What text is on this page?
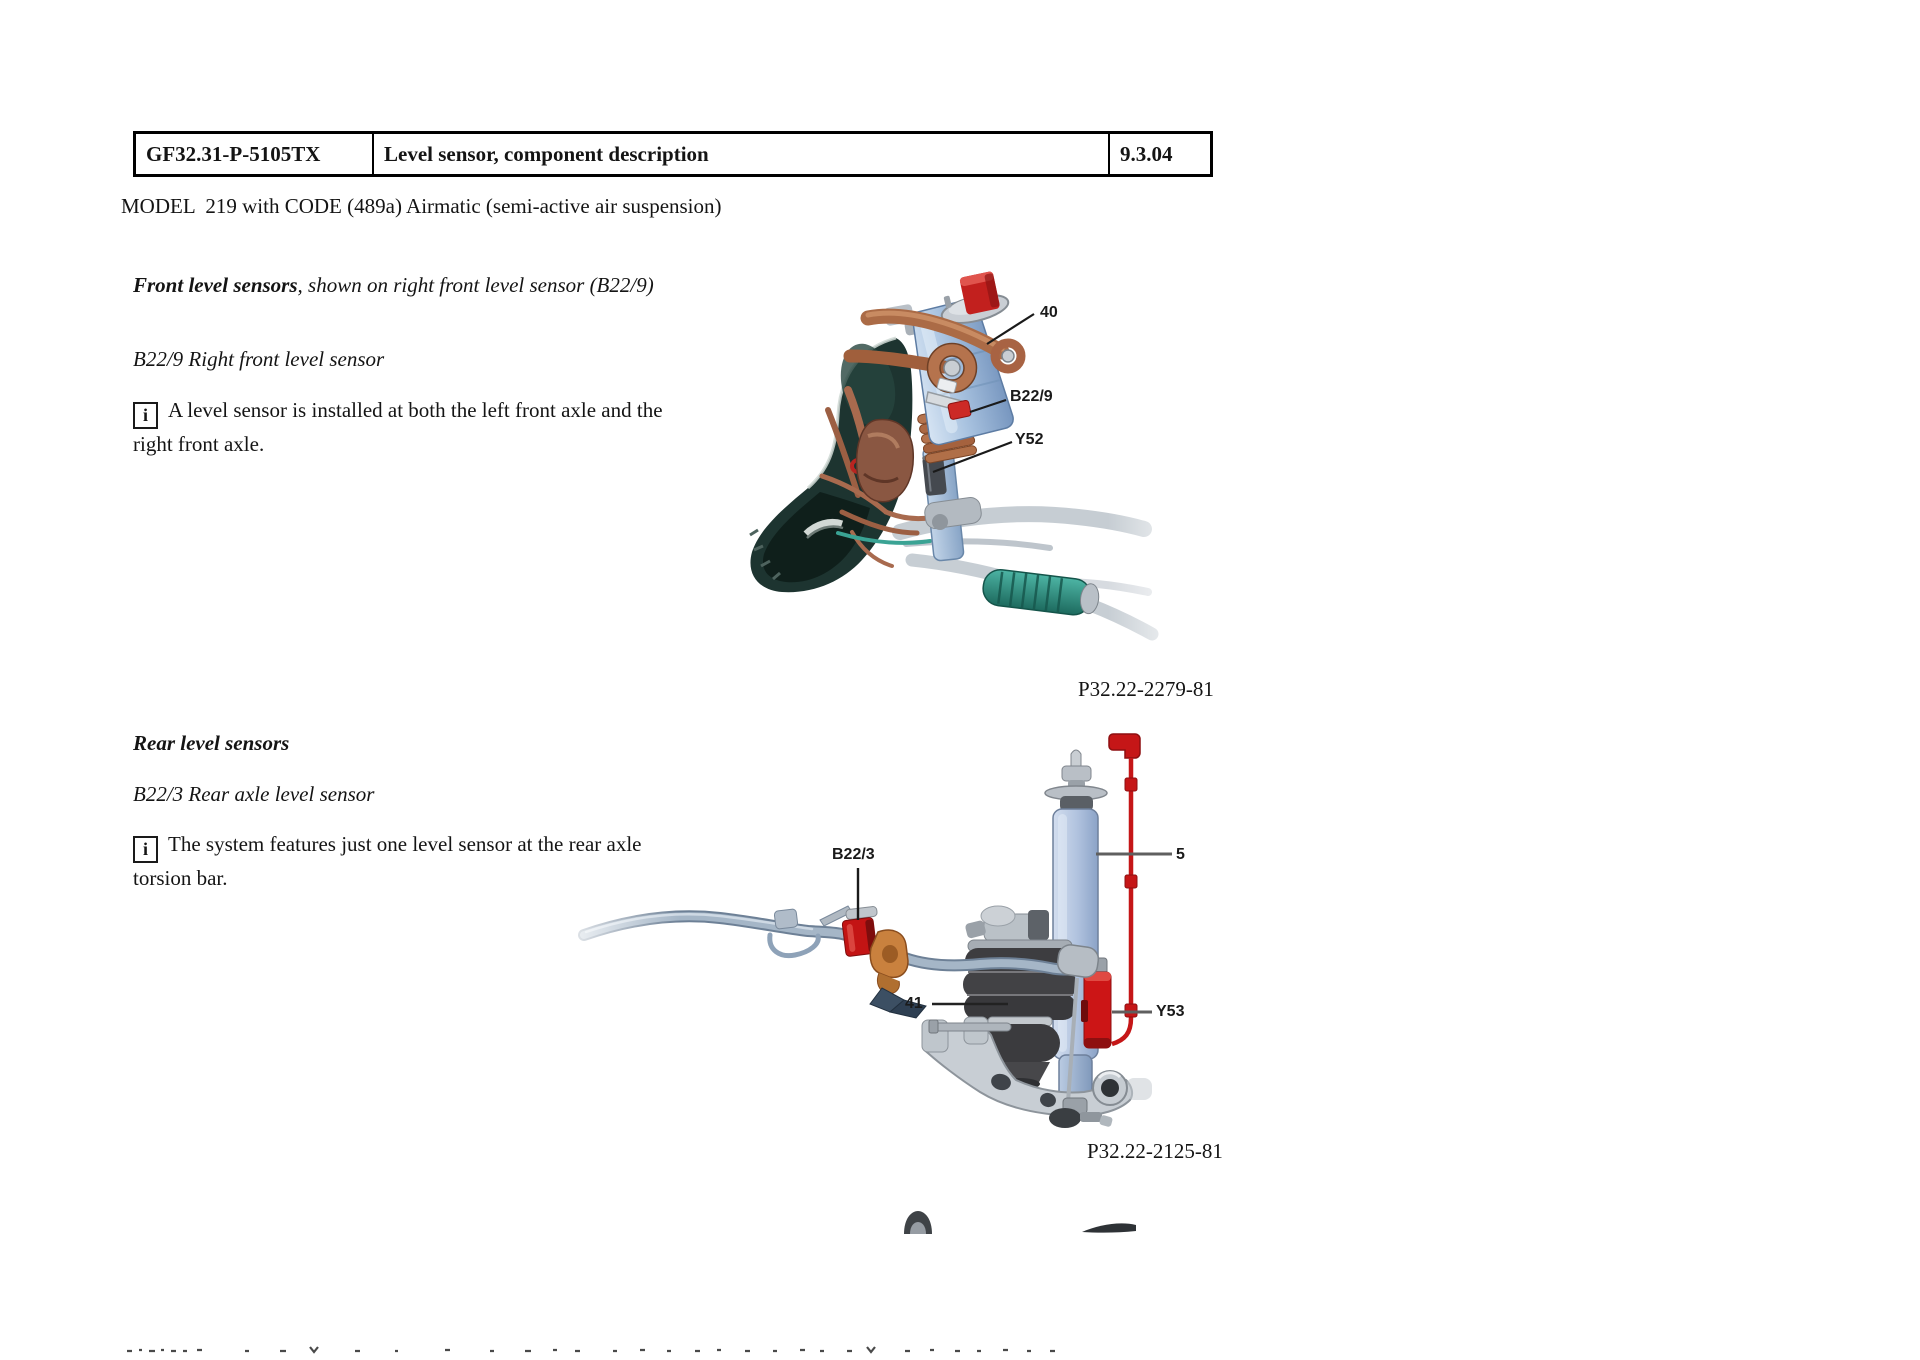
GF32.31-P-5105TX	Level sensor, component description	9.3.04
MODEL  219 with CODE (489a) Airmatic (semi-active air suspension)
Front level sensors, shown on right front level sensor (B22/9)
B22/9 Right front level sensor
i A level sensor is installed at both the left front axle and the right front axle.
40
B22/9
Y52
P32.22-2279-81
Rear level sensors
B22/3 Rear axle level sensor
i The system features just one level sensor at the rear axle torsion bar.
B22/3	5
41	Y53
P32.22-2125-81
